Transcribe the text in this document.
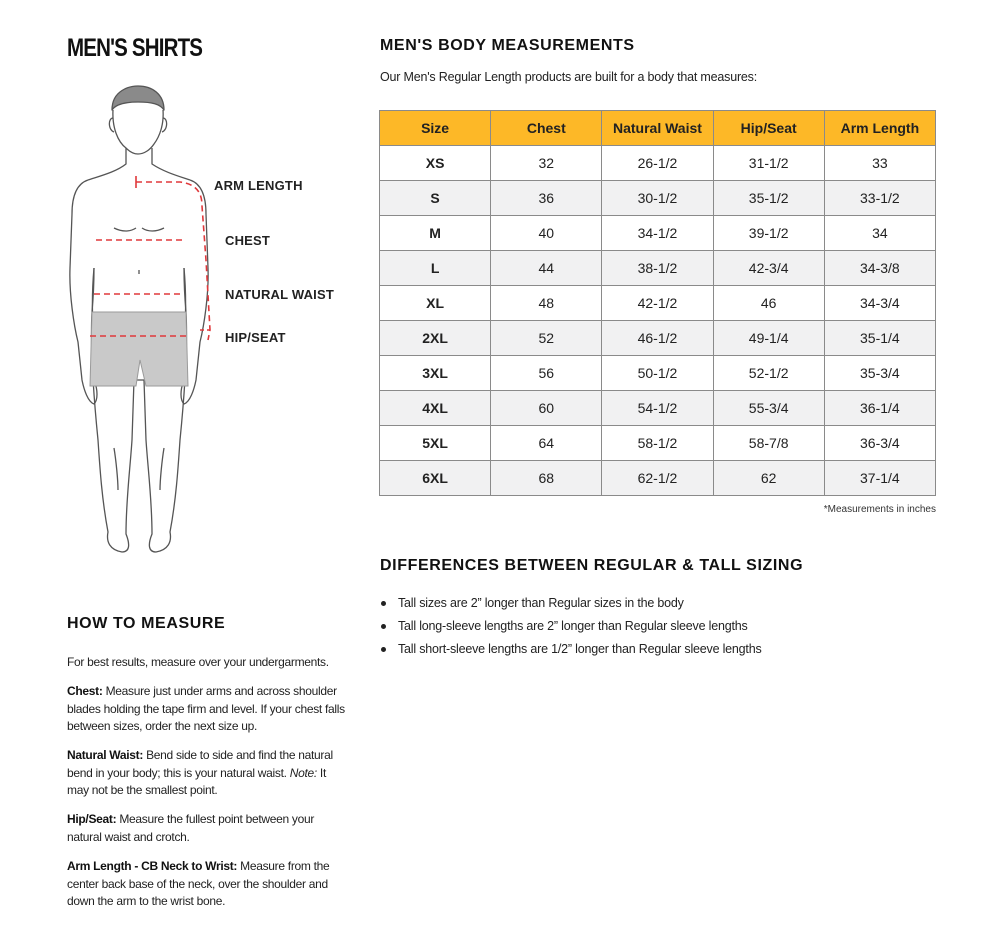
MEN'S SHIRTS
ARM LENGTH
CHEST
NATURAL WAIST
HIP/SEAT
MEN'S BODY MEASUREMENTS
Our Men's Regular Length products are built for a body that measures:
Size	Chest	Natural Waist	Hip/Seat	Arm Length
XS	32	26-1/2	31-1/2	33
S	36	30-1/2	35-1/2	33-1/2
M	40	34-1/2	39-1/2	34
L	44	38-1/2	42-3/4	34-3/8
XL	48	42-1/2	46	34-3/4
2XL	52	46-1/2	49-1/4	35-1/4
3XL	56	50-1/2	52-1/2	35-3/4
4XL	60	54-1/2	55-3/4	36-1/4
5XL	64	58-1/2	58-7/8	36-3/4
6XL	68	62-1/2	62	37-1/4
*Measurements in inches
DIFFERENCES BETWEEN REGULAR & TALL SIZING
Tall sizes are 2” longer than Regular sizes in the body
Tall long-sleeve lengths are 2” longer than Regular sleeve lengths
Tall short-sleeve lengths are 1/2” longer than Regular sleeve lengths
HOW TO MEASURE
For best results, measure over your undergarments.
Chest: Measure just under arms and across shoulder blades holding the tape firm and level. If your chest falls between sizes, order the next size up.
Natural Waist: Bend side to side and find the natural bend in your body; this is your natural waist. Note: It may not be the smallest point.
Hip/Seat: Measure the fullest point between your natural waist and crotch.
Arm Length - CB Neck to Wrist: Measure from the center back base of the neck, over the shoulder and down the arm to the wrist bone.
